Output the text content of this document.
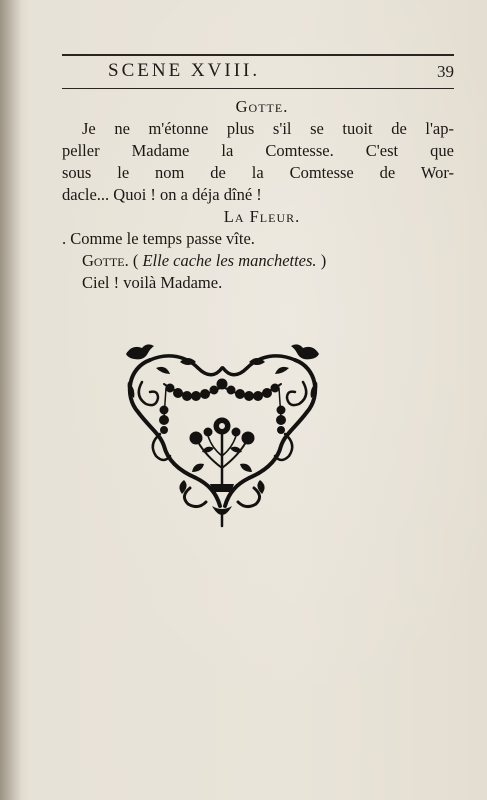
SCENE XVIII.	39
Gotte.
Je ne m'étonne plus s'il se tuoit de l'ap-
peller Madame la Comtesse. C'est que
sous le nom de la Comtesse de Wor-
dacle... Quoi ! on a déja dîné !
La Fleur.
. Comme le temps passe vîte.
Gotte. ( Elle cache les manchettes. )
Ciel ! voilà Madame.
